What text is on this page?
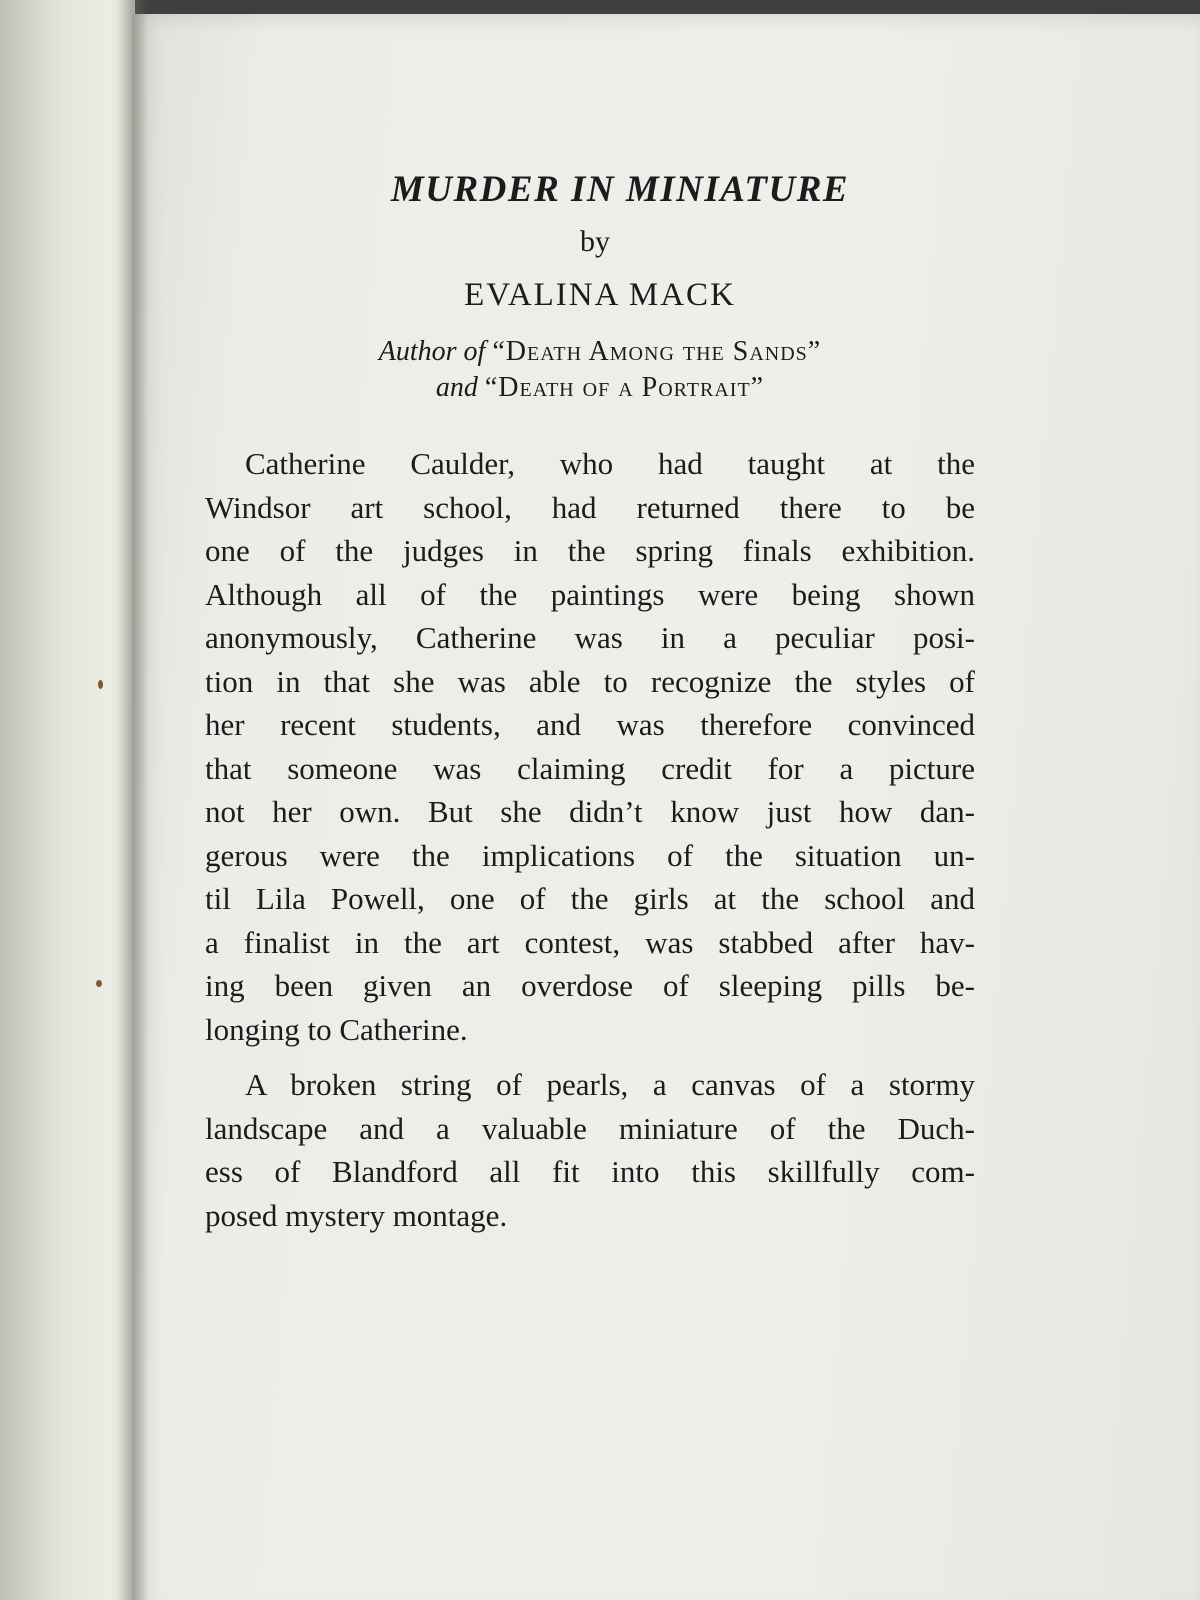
MURDER IN MINIATURE
by
EVALINA MACK
Author of “Death Among the Sands”
and “Death of a Portrait”
Catherine Caulder, who had taught at the
Windsor art school, had returned there to be
one of the judges in the spring finals exhibition.
Although all of the paintings were being shown
anonymously, Catherine was in a peculiar posi-
tion in that she was able to recognize the styles of
her recent students, and was therefore convinced
that someone was claiming credit for a picture
not her own. But she didn’t know just how dan-
gerous were the implications of the situation un-
til Lila Powell, one of the girls at the school and
a finalist in the art contest, was stabbed after hav-
ing been given an overdose of sleeping pills be-
longing to Catherine.
A broken string of pearls, a canvas of a stormy
landscape and a valuable miniature of the Duch-
ess of Blandford all fit into this skillfully com-
posed mystery montage.
